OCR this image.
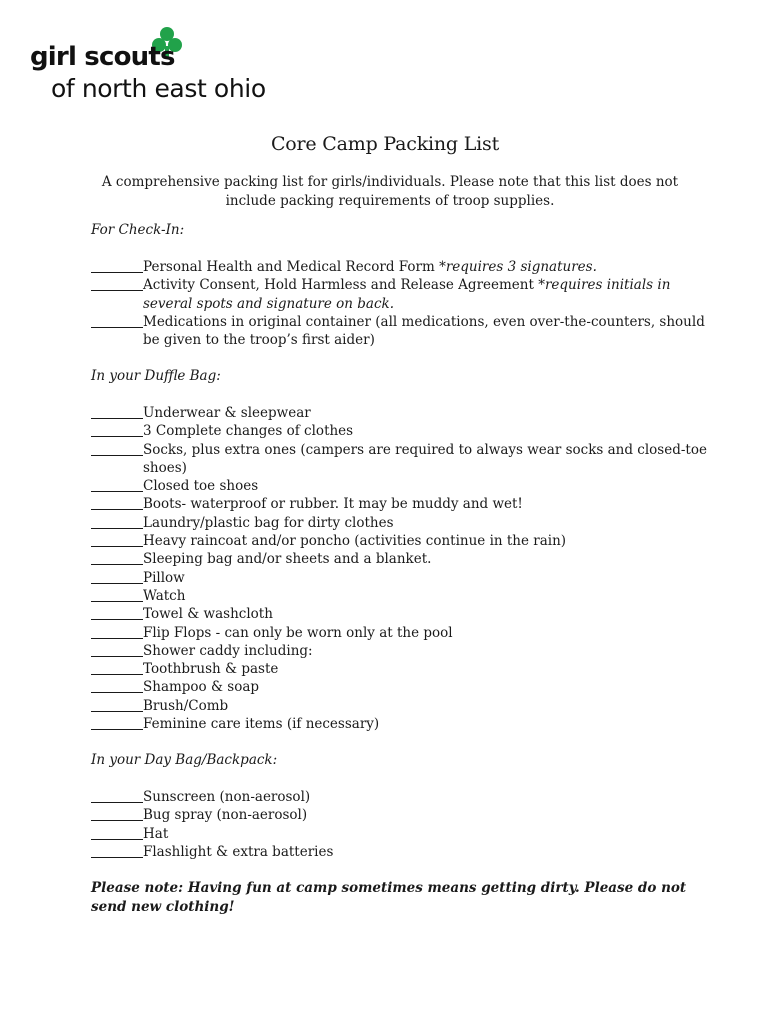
girl scouts
of north east ohio
Core Camp Packing List
A comprehensive packing list for girls/individuals. Please note that this list does not include packing requirements of troop supplies.
For Check-In:
Personal Health and Medical Record Form *requires 3 signatures.
Activity Consent, Hold Harmless and Release Agreement *requires initials in several spots and signature on back.
Medications in original container (all medications, even over-the-counters, should be given to the troop’s first aider)
In your Duffle Bag:
Underwear & sleepwear
3 Complete changes of clothes
Socks, plus extra ones (campers are required to always wear socks and closed-toe shoes)
Closed toe shoes
Boots- waterproof or rubber. It may be muddy and wet!
Laundry/plastic bag for dirty clothes
Heavy raincoat and/or poncho (activities continue in the rain)
Sleeping bag and/or sheets and a blanket.
Pillow
Watch
Towel & washcloth
Flip Flops - can only be worn only at the pool
Shower caddy including:
Toothbrush & paste
Shampoo & soap
Brush/Comb
Feminine care items (if necessary)
In your Day Bag/Backpack:
Sunscreen (non-aerosol)
Bug spray (non-aerosol)
Hat
Flashlight & extra batteries
Please note: Having fun at camp sometimes means getting dirty. Please do not send new clothing!
